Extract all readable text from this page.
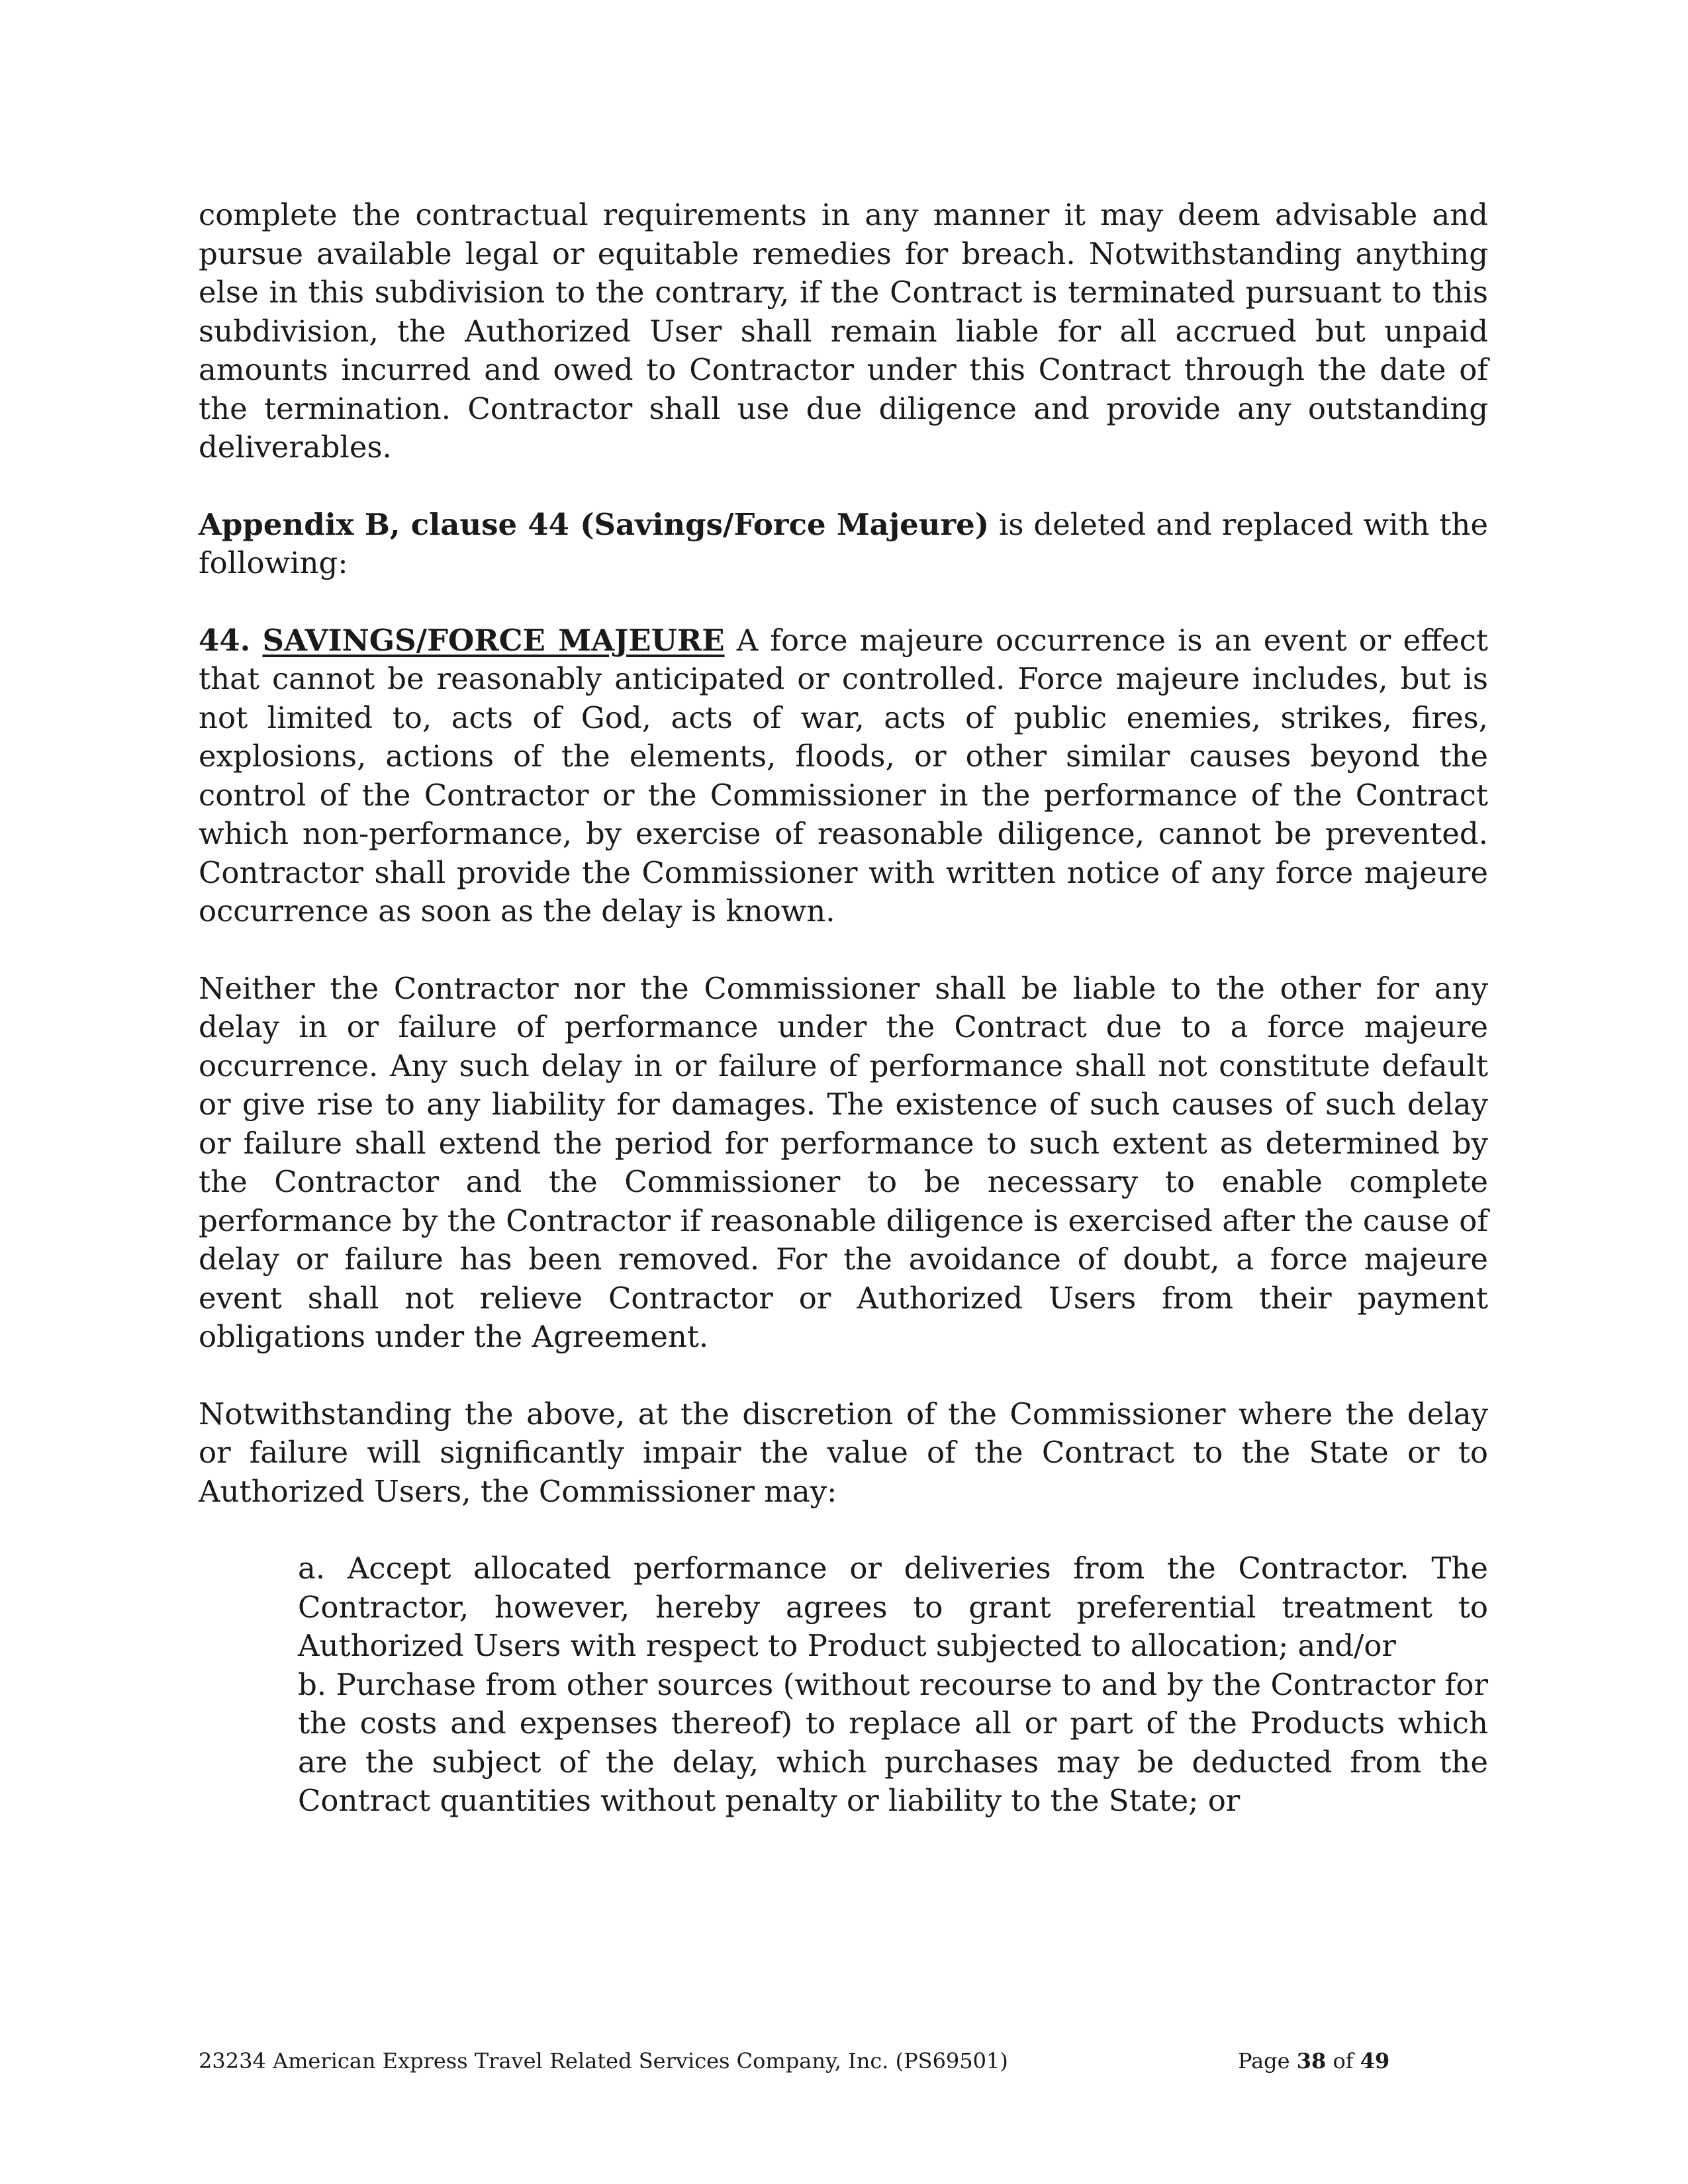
complete the contractual requirements in any manner it may deem advisable and pursue available legal or equitable remedies for breach. Notwithstanding anything else in this subdivision to the contrary, if the Contract is terminated pursuant to this subdivision, the Authorized User shall remain liable for all accrued but unpaid amounts incurred and owed to Contractor under this Contract through the date of the termination. Contractor shall use due diligence and provide any outstanding deliverables.

Appendix B, clause 44 (Savings/Force Majeure) is deleted and replaced with the following:

44. SAVINGS/FORCE MAJEURE A force majeure occurrence is an event or effect that cannot be reasonably anticipated or controlled. Force majeure includes, but is not limited to, acts of God, acts of war, acts of public enemies, strikes, fires, explosions, actions of the elements, floods, or other similar causes beyond the control of the Contractor or the Commissioner in the performance of the Contract which non-performance, by exercise of reasonable diligence, cannot be prevented. Contractor shall provide the Commissioner with written notice of any force majeure occurrence as soon as the delay is known.

Neither the Contractor nor the Commissioner shall be liable to the other for any delay in or failure of performance under the Contract due to a force majeure occurrence. Any such delay in or failure of performance shall not constitute default or give rise to any liability for damages. The existence of such causes of such delay or failure shall extend the period for performance to such extent as determined by the Contractor and the Commissioner to be necessary to enable complete performance by the Contractor if reasonable diligence is exercised after the cause of delay or failure has been removed. For the avoidance of doubt, a force majeure event shall not relieve Contractor or Authorized Users from their payment obligations under the Agreement.

Notwithstanding the above, at the discretion of the Commissioner where the delay or failure will significantly impair the value of the Contract to the State or to Authorized Users, the Commissioner may:

a. Accept allocated performance or deliveries from the Contractor. The Contractor, however, hereby agrees to grant preferential treatment to Authorized Users with respect to Product subjected to allocation; and/or

b. Purchase from other sources (without recourse to and by the Contractor for the costs and expenses thereof) to replace all or part of the Products which are the subject of the delay, which purchases may be deducted from the Contract quantities without penalty or liability to the State; or

23234 American Express Travel Related Services Company, Inc. (PS69501)	Page 38 of 49
